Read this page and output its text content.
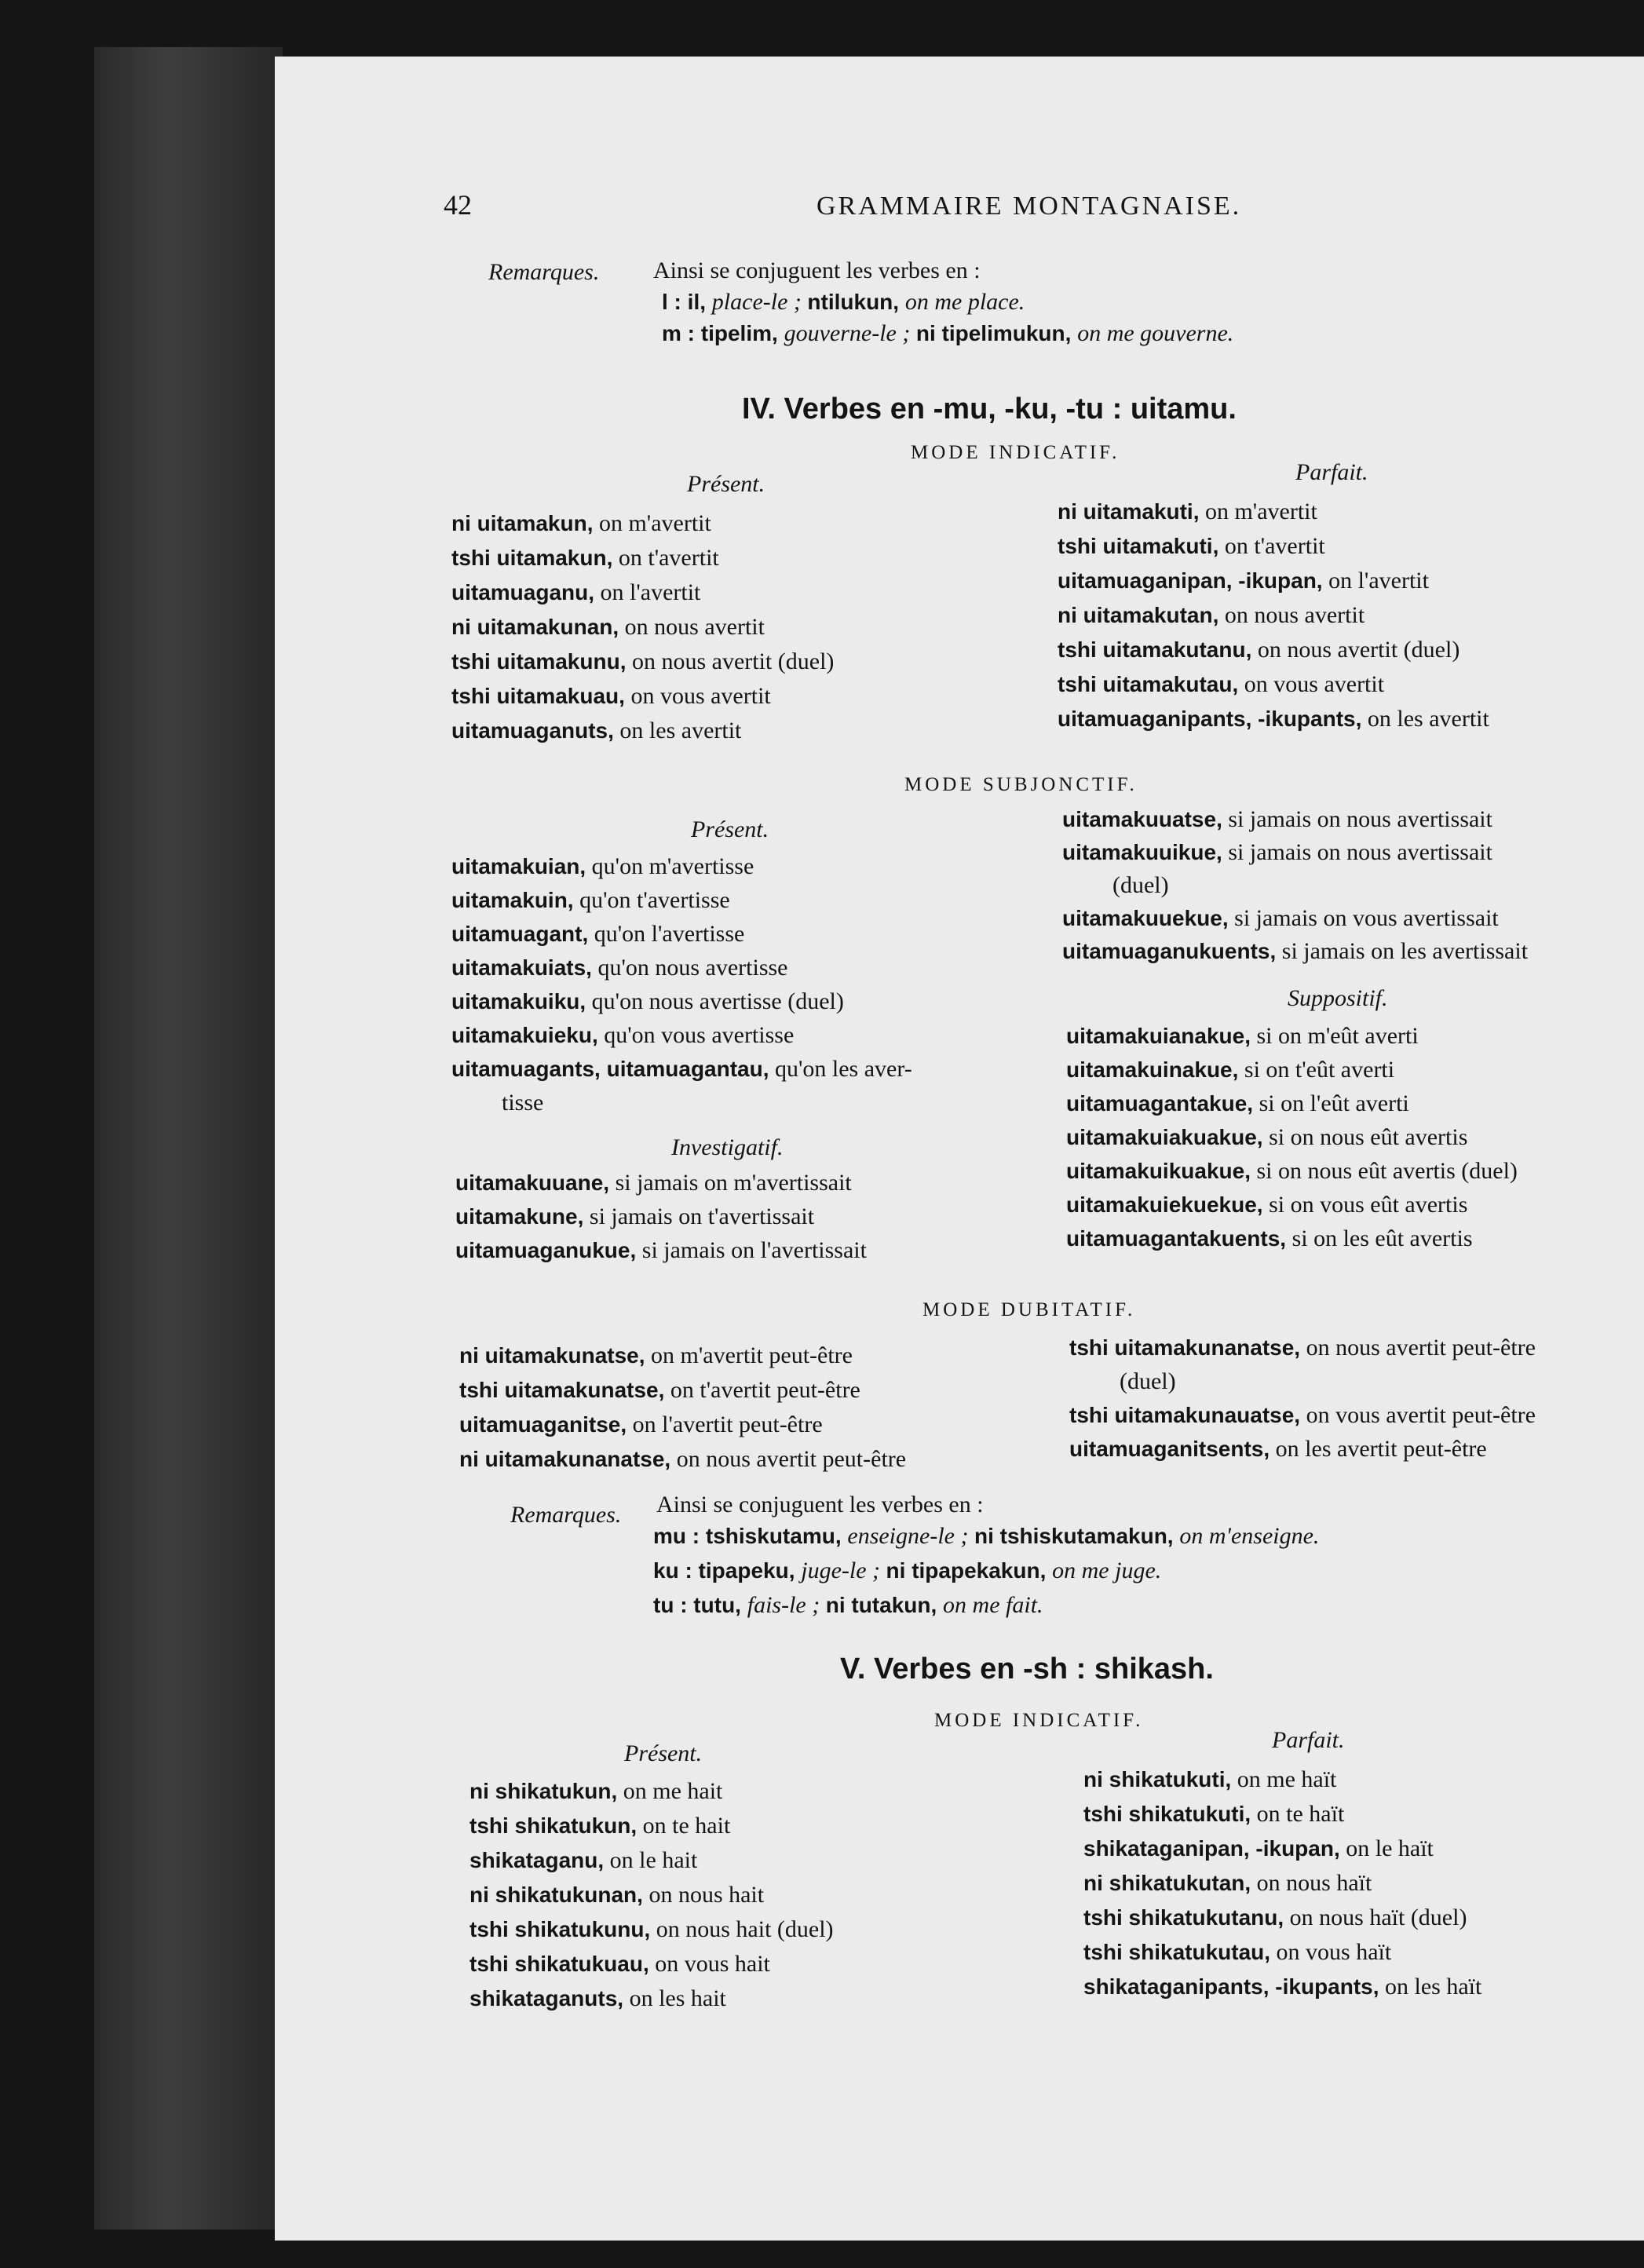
42	GRAMMAIRE MONTAGNAISE.
Remarques. Ainsi se conjuguent les verbes en :
l : il, place-le ; ntilukun, on me place.
m : tipelim, gouverne-le ; ni tipelimukun, on me gouverne.
IV. Verbes en -mu, -ku, -tu : uitamu.
MODE INDICATIF.
Présent.	Parfait.
ni uitamakun, on m'avertit
tshi uitamakun, on t'avertit
uitamuaganu, on l'avertit
ni uitamakunan, on nous avertit
tshi uitamakunu, on nous avertit (duel)
tshi uitamakuau, on vous avertit
uitamuaganuts, on les avertit
ni uitamakuti, on m'avertit
tshi uitamakuti, on t'avertit
uitamuaganipan, -ikupan, on l'avertit
ni uitamakutan, on nous avertit
tshi uitamakutanu, on nous avertit (duel)
tshi uitamakutau, on vous avertit
uitamuaganipants, -ikupants, on les avertit
MODE SUBJONCTIF.
Présent.
uitamakuian, qu'on m'avertisse
uitamakuin, qu'on t'avertisse
uitamuagant, qu'on l'avertisse
uitamakuiats, qu'on nous avertisse
uitamakuiku, qu'on nous avertisse (duel)
uitamakuieku, qu'on vous avertisse
uitamuagants, uitamuagantau, qu'on les aver-
tisse
Investigatif.
uitamakuuane, si jamais on m'avertissait
uitamakune, si jamais on t'avertissait
uitamuaganukue, si jamais on l'avertissait
uitamakuuatse, si jamais on nous avertissait
uitamakuuikue, si jamais on nous avertissait
(duel)
uitamakuuekue, si jamais on vous avertissait
uitamuaganukuents, si jamais on les avertissait
Suppositif.
uitamakuianakue, si on m'eût averti
uitamakuinakue, si on t'eût averti
uitamuagantakue, si on l'eût averti
uitamakuiakuakue, si on nous eût avertis
uitamakuikuakue, si on nous eût avertis (duel)
uitamakuiekuekue, si on vous eût avertis
uitamuagantakuents, si on les eût avertis
MODE DUBITATIF.
ni uitamakunatse, on m'avertit peut-être
tshi uitamakunatse, on t'avertit peut-être
uitamuaganitse, on l'avertit peut-être
ni uitamakunanatse, on nous avertit peut-être
tshi uitamakunanatse, on nous avertit peut-être
(duel)
tshi uitamakunauatse, on vous avertit peut-être
uitamuaganitsents, on les avertit peut-être
Remarques. Ainsi se conjuguent les verbes en :
mu : tshiskutamu, enseigne-le ; ni tshiskutamakun, on m'enseigne.
ku : tipapeku, juge-le ; ni tipapekakun, on me juge.
tu : tutu, fais-le ; ni tutakun, on me fait.
V. Verbes en -sh : shikash.
MODE INDICATIF.
Présent.
Parfait.
ni shikatukun, on me hait
tshi shikatukun, on te hait
shikataganu, on le hait
ni shikatukunan, on nous hait
tshi shikatukunu, on nous hait (duel)
tshi shikatukuau, on vous hait
shikataganuts, on les hait
ni shikatukuti, on me haït
tshi shikatukuti, on te haït
shikataganipan, -ikupan, on le haït
ni shikatukutan, on nous haït
tshi shikatukutanu, on nous haït (duel)
tshi shikatukutau, on vous haït
shikataganipants, -ikupants, on les haït
